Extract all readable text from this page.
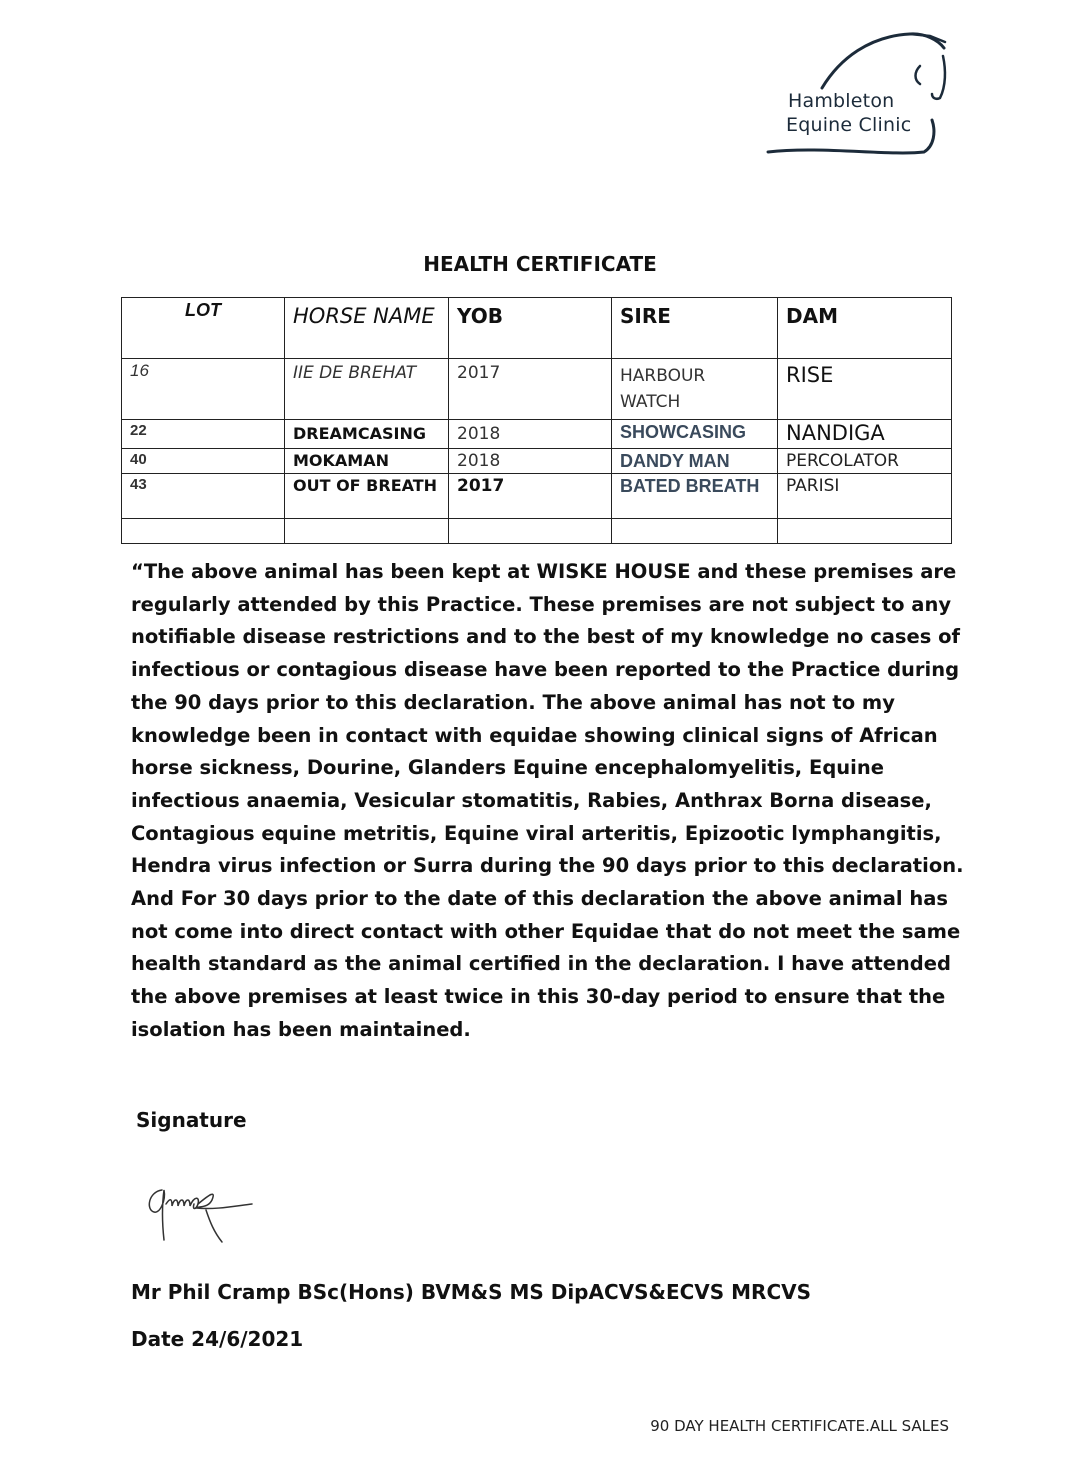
Hambleton
Equine Clinic
HEALTH CERTIFICATE
LOT	HORSE NAME	YOB	SIRE	DAM

16	IIE DE BREHAT	2017	HARBOUR WATCH	RISE

22	DREAMCASING	2018	SHOWCASING	NANDIGA

40	MOKAMAN	2018	DANDY MAN	PERCOLATOR

43	OUT OF BREATH	2017	BATED BREATH	PARISI

“The above animal has been kept at WISKE HOUSE and these premises are regularly attended by this Practice. These premises are not subject to any notifiable disease restrictions and to the best of my knowledge no cases of infectious or contagious disease have been reported to the Practice during the 90 days prior to this declaration. The above animal has not to my knowledge been in contact with equidae showing clinical signs of African horse sickness, Dourine, Glanders Equine encephalomyelitis, Equine infectious anaemia, Vesicular stomatitis, Rabies, Anthrax Borna disease, Contagious equine metritis, Equine viral arteritis, Epizootic lymphangitis, Hendra virus infection or Surra during the 90 days prior to this declaration. And For 30 days prior to the date of this declaration the above animal has not come into direct contact with other Equidae that do not meet the same health standard as the animal certified in the declaration. I have attended the above premises at least twice in this 30-day period to ensure that the isolation has been maintained.

Signature
Mr Phil Cramp BSc(Hons) BVM&S MS DipACVS&ECVS MRCVS
Date 24/6/2021
90 DAY HEALTH CERTIFICATE.ALL SALES
